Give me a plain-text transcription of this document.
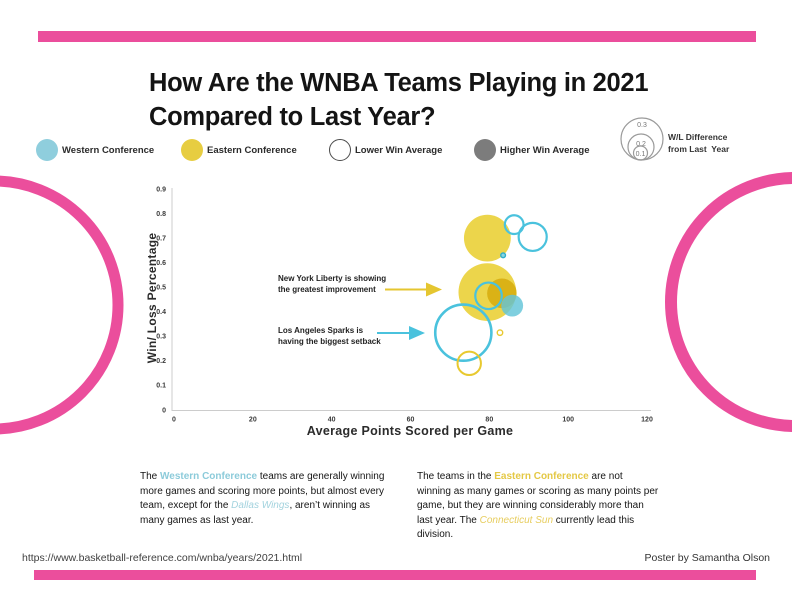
0	20	40	60	80	100	120
0
0.1
0.2
0.3
0.4
0.5
0.6
0.7
0.8
0.9
0.3
0.2
0.1
How Are the WNBA Teams Playing in 2021
Compared to Last Year?
Western Conference	Eastern Conference	Lower Win Average	Higher Win Average
W/L Difference
from Last  Year
Win/ Loss Percentage
Average Points Scored per Game
New York Liberty is showing
the greatest improvement
Los Angeles Sparks is
having the biggest setback

The Western Conference teams are generally winning more games and scoring more points, but almost every team, except for the Dallas Wings, aren’t winning as many games as last year.

The teams in the Eastern Conference are not winning as many games or scoring as many points per game, but they are winning considerably more than last year. The Connecticut Sun currently lead this division.

https://www.basketball-reference.com/wnba/years/2021.html	Poster by Samantha Olson
